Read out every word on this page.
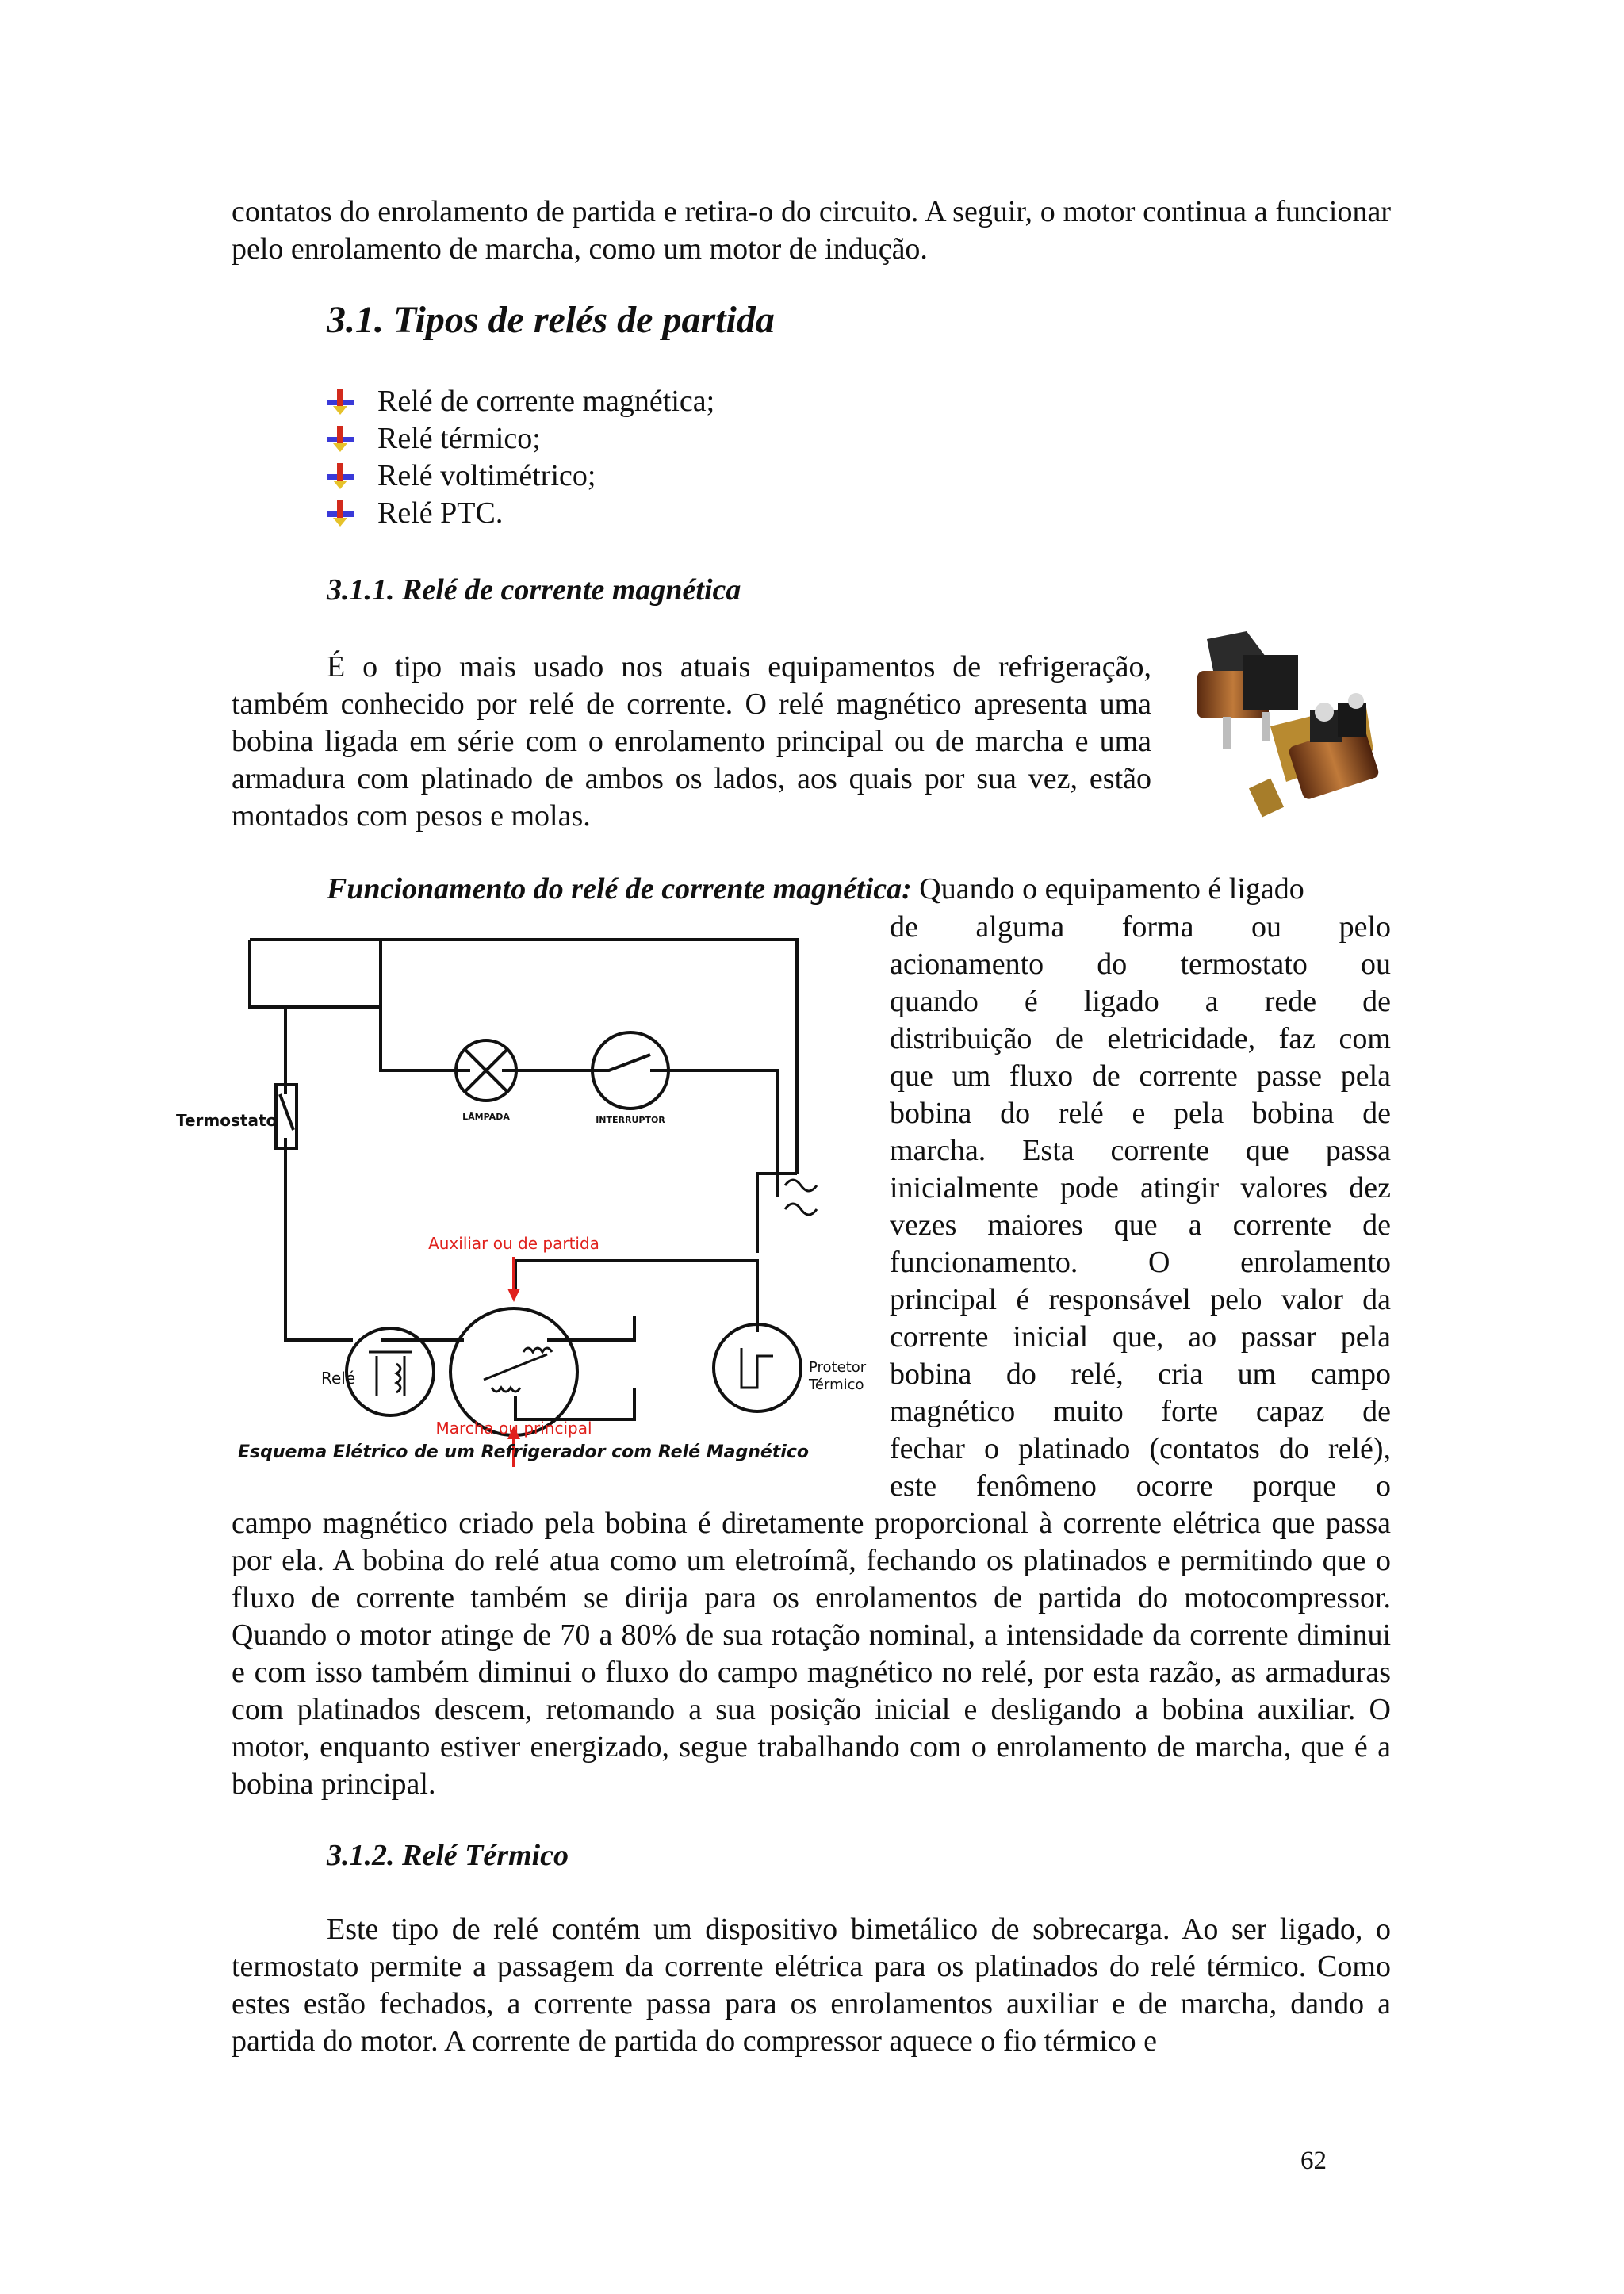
contatos do enrolamento de partida e retira-o do circuito. A seguir, o motor continua a funcionar pelo enrolamento de marcha, como um motor de indução.

3.1. Tipos de relés de partida
Relé de corrente magnética;
Relé térmico;
Relé voltimétrico;
Relé PTC.
3.1.1. Relé de corrente magnética

É o tipo mais usado nos atuais equipamentos de refrigeração, também conhecido por relé de corrente. O relé magnético apresenta uma bobina ligada em série com o enrolamento principal ou de marcha e uma armadura com platinado de ambos os lados, aos quais por sua vez, estão montados com pesos e molas.

Funcionamento do relé de corrente magnética: Quando o equipamento é ligado

Termostato	LÂMPADA	INTERRUPTOR
Auxiliar ou de partida
Relé
Protetor
Térmico
Marcha ou principal
Esquema Elétrico de um Refrigerador com Relé Magnético
de alguma forma ou pelo
acionamento do termostato ou
quando é ligado a rede de
distribuição de eletricidade, faz com
que um fluxo de corrente passe pela
bobina do relé e pela bobina de
marcha. Esta corrente que passa
inicialmente pode atingir valores dez
vezes maiores que a corrente de
funcionamento. O enrolamento
principal é responsável pelo valor da
corrente inicial que, ao passar pela
bobina do relé, cria um campo
magnético muito forte capaz de
fechar o platinado (contatos do relé),
este fenômeno ocorre porque o

campo magnético criado pela bobina é diretamente proporcional à corrente elétrica que passa por ela. A bobina do relé atua como um eletroímã, fechando os platinados e permitindo que o fluxo de corrente também se dirija para os enrolamentos de partida do motocompressor. Quando o motor atinge de 70 a 80% de sua rotação nominal, a intensidade da corrente diminui e com isso também diminui o fluxo do campo magnético no relé, por esta razão, as armaduras com platinados descem, retomando a sua posição inicial e desligando a bobina auxiliar. O motor, enquanto estiver energizado, segue trabalhando com o enrolamento de marcha, que é a bobina principal.

3.1.2. Relé Térmico

Este tipo de relé contém um dispositivo bimetálico de sobrecarga. Ao ser ligado, o termostato permite a passagem da corrente elétrica para os platinados do relé térmico. Como estes estão fechados, a corrente passa para os enrolamentos auxiliar e de marcha, dando a partida do motor. A corrente de partida do compressor aquece o fio térmico e

62
